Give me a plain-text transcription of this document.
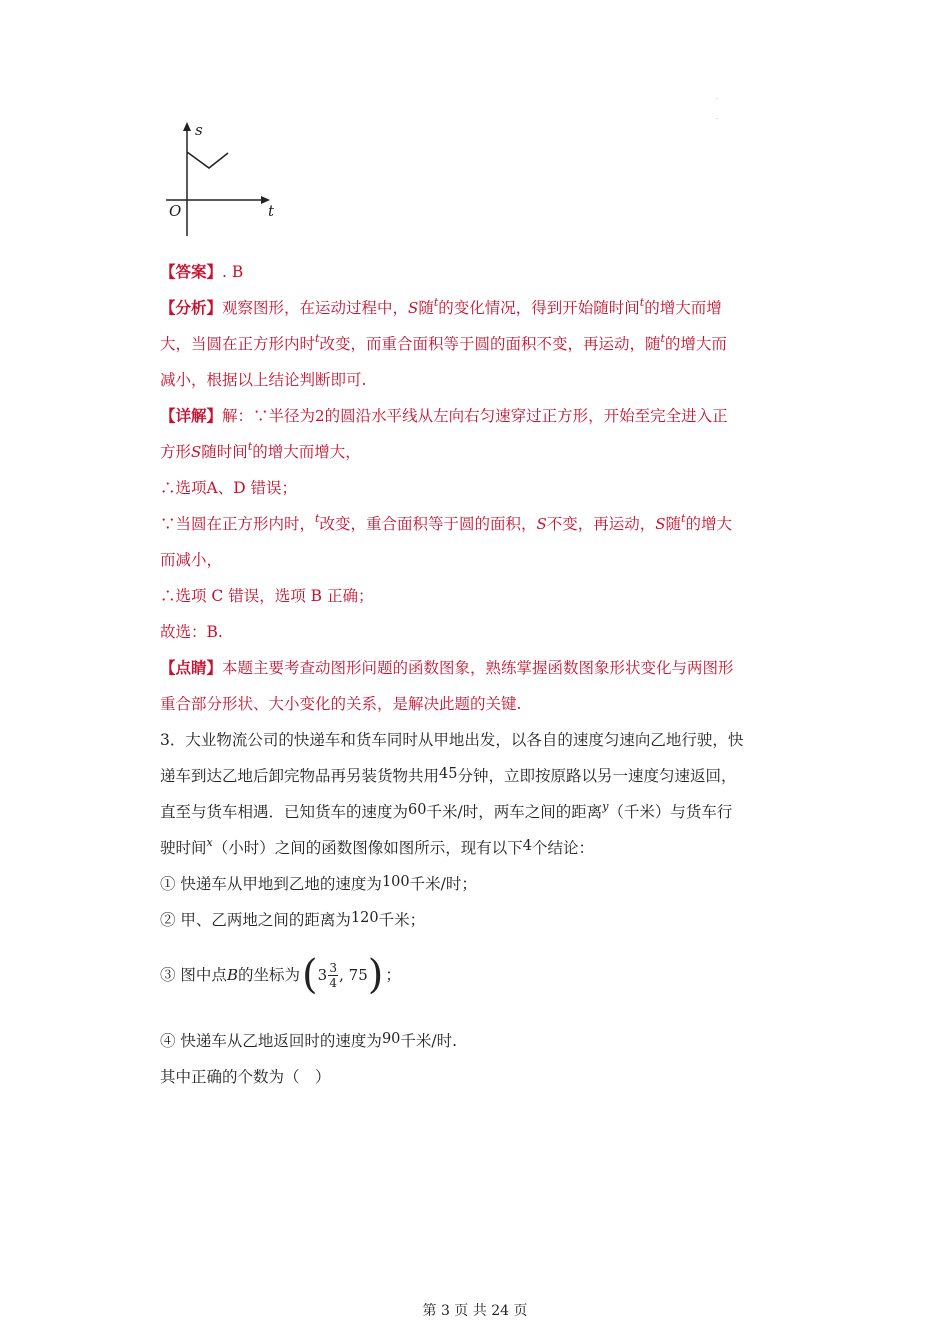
.
.
s
t
O
【答案】. B
【分析】观察图形，在运动过程中，S随$^t$的变化情况，得到开始随时间$^t$的增大而增
大，当圆在正方形内时$^t$改变，而重合面积等于圆的面积不变，再运动，随$^t$的增大而
减小，根据以上结论判断即可.
【详解】解：∵半径为2的圆沿水平线从左向右匀速穿过正方形，开始至完全进入正
方形S随时间$^t$的增大而增大，
∴选项A、D 错误；
∵当圆在正方形内时，$^t$改变，重合面积等于圆的面积，S不变，再运动，S随$^t$的增大
而减小，
∴选项 C 错误，选项 B 正确；
故选：B.
【点睛】本题主要考查动图形问题的函数图象，熟练掌握函数图象形状变化与两图形
重合部分形状、大小变化的关系，是解决此题的关键.
3．大业物流公司的快递车和货车同时从甲地出发，以各自的速度匀速向乙地行驶，快
递车到达乙地后卸完物品再另装货物共用45分钟，立即按原路以另一速度匀速返回，
直至与货车相遇．已知货车的速度为60千米/时，两车之间的距离$^y$（千米）与货车行
驶时间$^x$（小时）之间的函数图像如图所示，现有以下4个结论：
① 快递车从甲地到乙地的速度为100千米/时；
② 甲、乙两地之间的距离为120千米；
③ 图中点 B 的坐标为 ( $3 \frac{3}{4}$ , 75 ) ；
④ 快递车从乙地返回时的速度为90千米/时.
其中正确的个数为（　）
第 3 页 共 24 页
